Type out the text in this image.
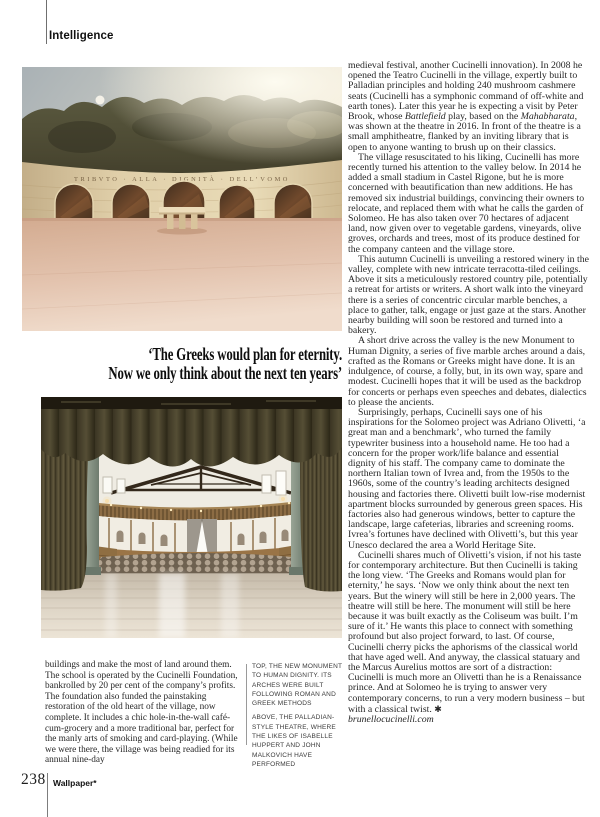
Intelligence
TRIBVTO · ALLA · DIGNITÀ · DELL’VOMO
‘The Greeks would plan for eternity.
Now we only think about the next ten years’
buildings and make the most of land around them. The school is operated by the Cucinelli Foundation, bankrolled by 20 per cent of the company’s profits. The foundation also funded the painstaking restoration of the old heart of the village, now complete. It includes a chic hole-in-the-wall café-cum-grocery and a more traditional bar, perfect for the manly arts of smoking and card-playing. (While we were there, the village was being readied for its annual nine-day

TOP, THE NEW MONUMENT TO HUMAN DIGNITY. ITS ARCHES WERE BUILT FOLLOWING ROMAN AND GREEK METHODS

ABOVE, THE PALLADIAN-STYLE THEATRE, WHERE THE LIKES OF ISABELLE HUPPERT AND JOHN MALKOVICH HAVE PERFORMED

medieval festival, another Cucinelli innovation). In 2008 he opened the Teatro Cucinelli in the village, expertly built to Palladian principles and holding 240 mushroom cashmere seats (Cucinelli has a symphonic command of off-white and earth tones). Later this year he is expecting a visit by Peter Brook, whose Battlefield play, based on the Mahabharata, was shown at the theatre in 2016. In front of the theatre is a small amphitheatre, flanked by an inviting library that is open to anyone wanting to brush up on their classics.

The village resuscitated to his liking, Cucinelli has more recently turned his attention to the valley below. In 2014 he added a small stadium in Castel Rigone, but he is more concerned with beautification than new additions. He has removed six industrial buildings, convincing their owners to relocate, and replaced them with what he calls the garden of Solomeo. He has also taken over 70 hectares of adjacent land, now given over to vegetable gardens, vineyards, olive groves, orchards and trees, most of its produce destined for the company canteen and the village store.

This autumn Cucinelli is unveiling a restored winery in the valley, complete with new intricate terracotta-tiled ceilings. Above it sits a meticulously restored country pile, potentially a retreat for artists or writers. A short walk into the vineyard there is a series of concentric circular marble benches, a place to gather, talk, engage or just gaze at the stars. Another nearby building will soon be restored and turned into a bakery.

A short drive across the valley is the new Monument to Human Dignity, a series of five marble arches around a dais, crafted as the Romans or Greeks might have done. It is an indulgence, of course, a folly, but, in its own way, spare and modest. Cucinelli hopes that it will be used as the backdrop for concerts or perhaps even speeches and debates, dialectics to please the ancients.

Surprisingly, perhaps, Cucinelli says one of his inspirations for the Solomeo project was Adriano Olivetti, ‘a great man and a benchmark’, who turned the family typewriter business into a household name. He too had a concern for the proper work/life balance and essential dignity of his staff. The company came to dominate the northern Italian town of Ivrea and, from the 1950s to the 1960s, some of the country’s leading architects designed housing and factories there. Olivetti built low-rise modernist apartment blocks surrounded by generous green spaces. His factories also had generous windows, better to capture the landscape, large cafeterias, libraries and screening rooms. Ivrea’s fortunes have declined with Olivetti’s, but this year Unesco declared the area a World Heritage Site.

Cucinelli shares much of Olivetti’s vision, if not his taste for contemporary architecture. But then Cucinelli is taking the long view. ‘The Greeks and Romans would plan for eternity,’ he says. ‘Now we only think about the next ten years. But the winery will still be here in 2,000 years. The theatre will still be here. The monument will still be here because it was built exactly as the Coliseum was built. I’m sure of it.’ He wants this place to connect with something profound but also project forward, to last. Of course, Cucinelli cherry picks the aphorisms of the classical world that have aged well. And anyway, the classical statuary and the Marcus Aurelius mottos are sort of a distraction: Cucinelli is much more an Olivetti than he is a Renaissance prince. And at Solomeo he is trying to answer very contemporary concerns, to run a very modern business – but with a classical twist. ✱

brunellocucinelli.com
238 Wallpaper*
